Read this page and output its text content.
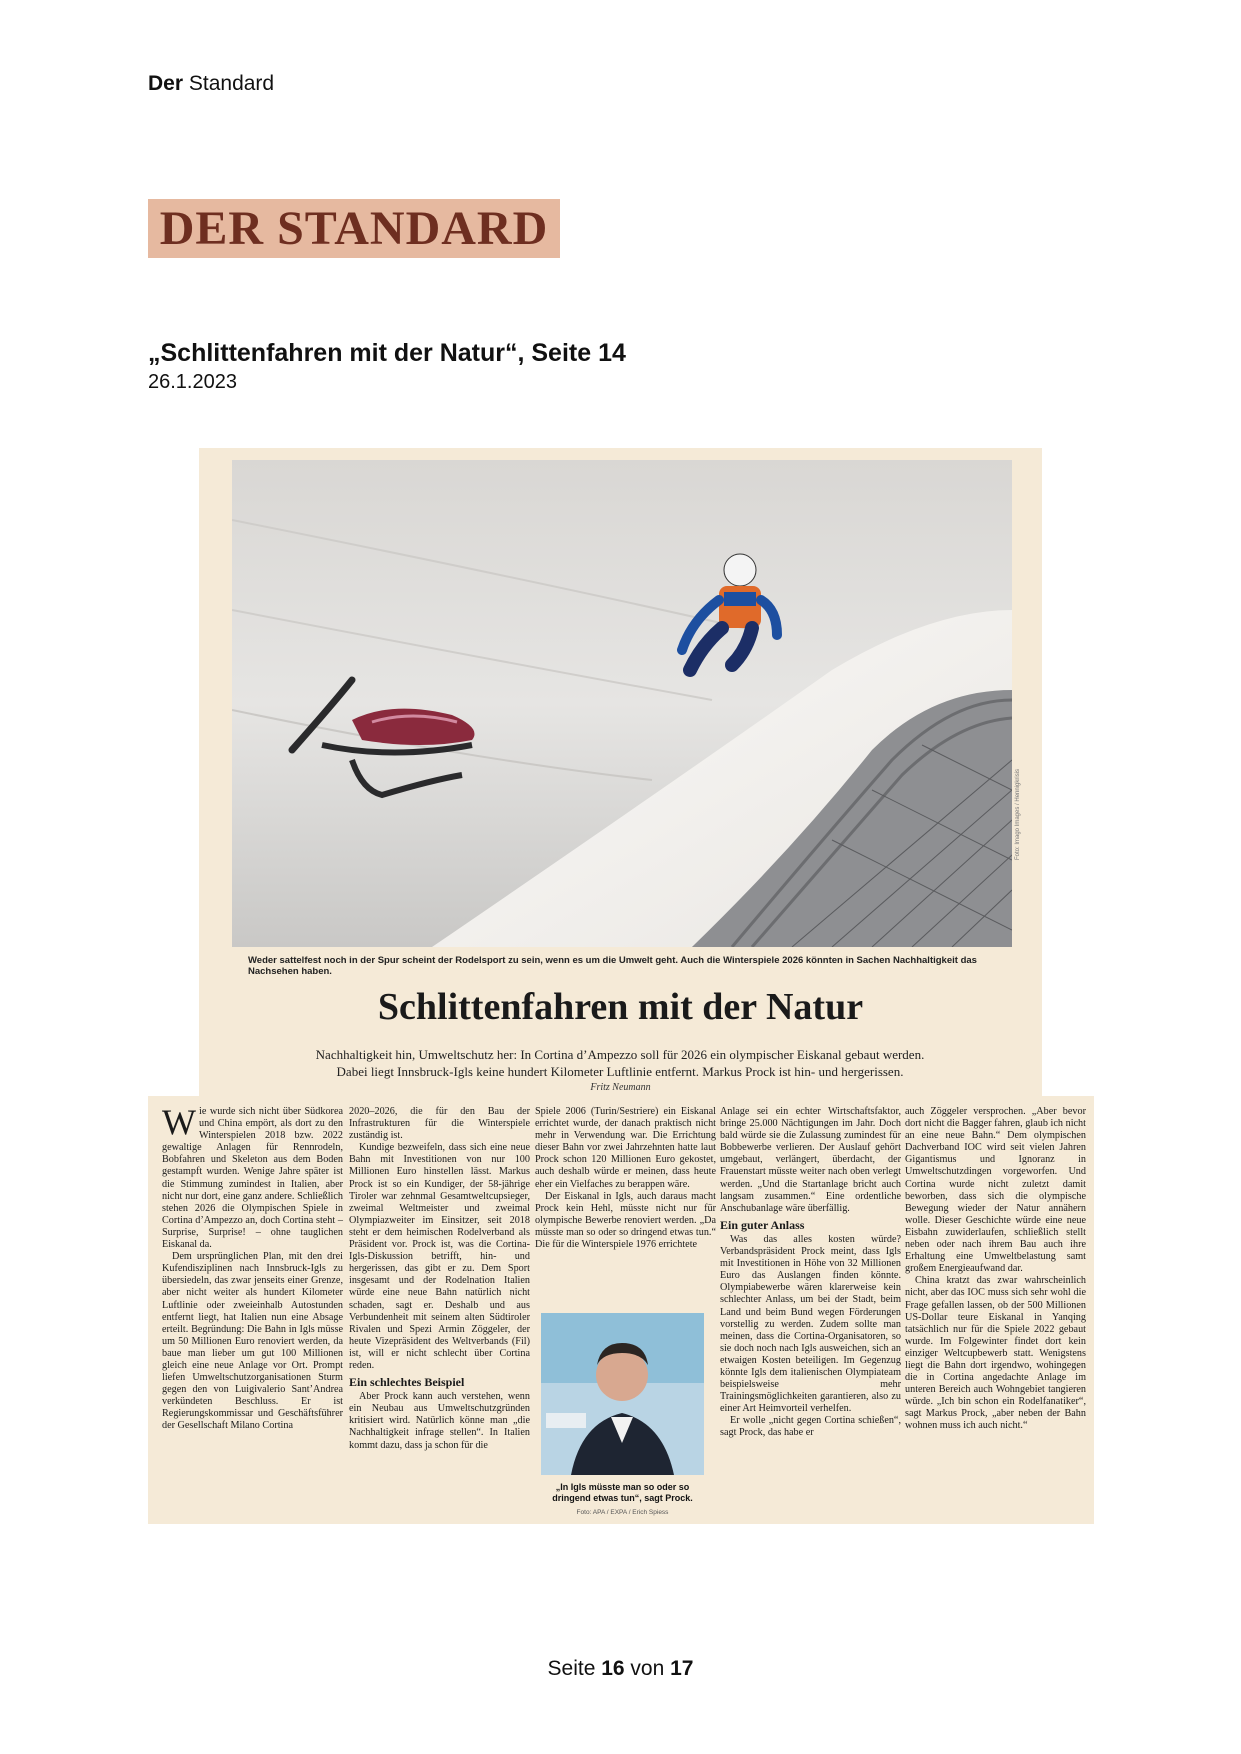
Der Standard
DER STANDARD
„Schlittenfahren mit der Natur“, Seite 14
26.1.2023
Foto: Imago Images / Hennigkrisis
Weder sattelfest noch in der Spur scheint der Rodelsport zu sein, wenn es um die Umwelt geht. Auch die Winterspiele 2026 könnten in Sachen Nachhaltigkeit das Nachsehen haben.
Schlittenfahren mit der Natur
Nachhaltigkeit hin, Umweltschutz her: In Cortina d’Ampezzo soll für 2026 ein olympischer Eiskanal gebaut werden.
Dabei liegt Innsbruck-Igls keine hundert Kilometer Luftlinie entfernt. Markus Prock ist hin- und hergerissen.
Fritz Neumann

Wie wurde sich nicht über Südkorea und China empört, als dort zu den Winterspielen 2018 bzw. 2022 gewaltige Anlagen für Rennrodeln, Bobfahren und Skeleton aus dem Boden gestampft wurden. Wenige Jahre später ist die Stimmung zumindest in Italien, aber nicht nur dort, eine ganz andere. Schließlich stehen 2026 die Olympischen Spiele in Cortina d’Ampezzo an, doch Cortina steht – Surprise, Surprise! – ohne tauglichen Eiskanal da.

Dem ursprünglichen Plan, mit den drei Kufendisziplinen nach Innsbruck-Igls zu übersiedeln, das zwar jenseits einer Grenze, aber nicht weiter als hundert Kilometer Luftlinie oder zweieinhalb Autostunden entfernt liegt, hat Italien nun eine Absage erteilt. Begründung: Die Bahn in Igls müsse um 50 Millionen Euro renoviert werden, da baue man lieber um gut 100 Millionen gleich eine neue Anlage vor Ort. Prompt liefen Umweltschutzorganisationen Sturm gegen den von Luigivalerio Sant’Andrea verkündeten Beschluss. Er ist Regierungskommissar und Geschäftsführer der Gesellschaft Milano Cortina

2020–2026, die für den Bau der Infrastrukturen für die Winterspiele zuständig ist.

Kundige bezweifeln, dass sich eine neue Bahn mit Investitionen von nur 100 Millionen Euro hinstellen lässt. Markus Prock ist so ein Kundiger, der 58-jährige Tiroler war zehnmal Gesamtweltcupsieger, zweimal Weltmeister und zweimal Olympiazweiter im Einsitzer, seit 2018 steht er dem heimischen Rodelverband als Präsident vor. Prock ist, was die Cortina-Igls-Diskussion betrifft, hin- und hergerissen, das gibt er zu. Dem Sport insgesamt und der Rodelnation Italien würde eine neue Bahn natürlich nicht schaden, sagt er. Deshalb und aus Verbundenheit mit seinem alten Südtiroler Rivalen und Spezi Armin Zöggeler, der heute Vizepräsident des Weltverbands (Fil) ist, will er nicht schlecht über Cortina reden.

Ein schlechtes Beispiel

Aber Prock kann auch verstehen, wenn ein Neubau aus Umweltschutzgründen kritisiert wird. Natürlich könne man „die Nachhaltigkeit infrage stellen“. In Italien kommt dazu, dass ja schon für die

Spiele 2006 (Turin/Sestriere) ein Eiskanal errichtet wurde, der danach praktisch nicht mehr in Verwendung war. Die Errichtung dieser Bahn vor zwei Jahrzehnten hatte laut Prock schon 120 Millionen Euro gekostet, auch deshalb würde er meinen, dass heute eher ein Vielfaches zu berappen wäre.

Der Eiskanal in Igls, auch daraus macht Prock kein Hehl, müsste nicht nur für olympische Bewerbe renoviert werden. „Da müsste man so oder so dringend etwas tun.“ Die für die Winterspiele 1976 errichtete

„In Igls müsste man so oder so dringend etwas tun“, sagt Prock.
Foto: APA / EXPA / Erich Spiess

Anlage sei ein echter Wirtschaftsfaktor, bringe 25.000 Nächtigungen im Jahr. Doch bald würde sie die Zulassung zumindest für Bobbewerbe verlieren. Der Auslauf gehört umgebaut, verlängert, überdacht, der Frauenstart müsste weiter nach oben verlegt werden. „Und die Startanlage bricht auch langsam zusammen.“ Eine ordentliche Anschubanlage wäre überfällig.

Ein guter Anlass

Was das alles kosten würde? Verbandspräsident Prock meint, dass Igls mit Investitionen in Höhe von 32 Millionen Euro das Auslangen finden könnte. Olympiabewerbe wären klarerweise kein schlechter Anlass, um bei der Stadt, beim Land und beim Bund wegen Förderungen vorstellig zu werden. Zudem sollte man meinen, dass die Cortina-Organisatoren, so sie doch noch nach Igls ausweichen, sich an etwaigen Kosten beteiligen. Im Gegenzug könnte Igls dem italienischen Olympiateam beispielsweise mehr Trainingsmöglichkeiten garantieren, also zu einer Art Heimvorteil verhelfen.

Er wolle „nicht gegen Cortina schießen“, sagt Prock, das habe er

auch Zöggeler versprochen. „Aber bevor dort nicht die Bagger fahren, glaub ich nicht an eine neue Bahn.“ Dem olympischen Dachverband IOC wird seit vielen Jahren Gigantismus und Ignoranz in Umweltschutzdingen vorgeworfen. Und Cortina wurde nicht zuletzt damit beworben, dass sich die olympische Bewegung wieder der Natur annähern wolle. Dieser Geschichte würde eine neue Eisbahn zuwiderlaufen, schließlich stellt neben oder nach ihrem Bau auch ihre Erhaltung eine Umweltbelastung samt großem Energieaufwand dar.

China kratzt das zwar wahrscheinlich nicht, aber das IOC muss sich sehr wohl die Frage gefallen lassen, ob der 500 Millionen US-Dollar teure Eiskanal in Yanqing tatsächlich nur für die Spiele 2022 gebaut wurde. Im Folgewinter findet dort kein einziger Weltcupbewerb statt. Wenigstens liegt die Bahn dort irgendwo, wohingegen die in Cortina angedachte Anlage im unteren Bereich auch Wohngebiet tangieren würde. „Ich bin schon ein Rodelfanatiker“, sagt Markus Prock, „aber neben der Bahn wohnen muss ich auch nicht.“

Seite 16 von 17
